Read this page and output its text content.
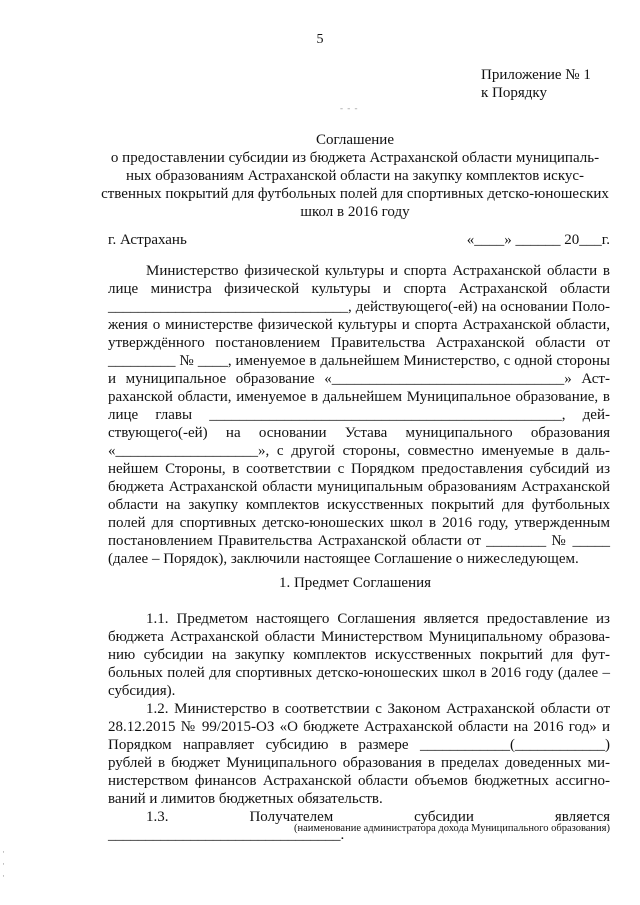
5
Приложение № 1
к Порядку
- - -
Соглашение
о предоставлении субсидии из бюджета Астраханской области муниципаль-ных образованиям Астраханской области на закупку комплектов искус-ственных покрытий для футбольных полей для спортивных детско-юношеских школ в 2016 году
г. Астрахань	«____» ______ 20___г.

Министерство физической культуры и спорта Астраханской области в лице министра физической культуры и спорта Астраханской области ________________________________, действующего(-ей) на основании Поло-жения о министерстве физической культуры и спорта Астраханской области, утверждённого постановлением Правительства Астраханской области от _________ № ____, именуемое в дальнейшем Министерство, с одной стороны и муниципальное образование «_______________________________» Аст-раханской области, именуемое в дальнейшем Муниципальное образование, в лице главы _______________________________________________, дей-ствующего(-ей) на основании Устава муниципального образования «___________________», с другой стороны, совместно именуемые в даль-нейшем Стороны, в соответствии с Порядком предоставления субсидий из бюджета Астраханской области муниципальным образованиям Астраханской области на закупку комплектов искусственных покрытий для футбольных полей для спортивных детско-юношеских школ в 2016 году, утвержденным постановлением Правительства Астраханской области от ________ № _____ (далее – Порядок), заключили настоящее Соглашение о нижеследующем.

1. Предмет Соглашения

1.1. Предметом настоящего Соглашения является предоставление из бюджета Астраханской области Министерством Муниципальному образова-нию субсидии на закупку комплектов искусственных покрытий для фут-больных полей для спортивных детско-юношеских школ в 2016 году (далее – субсидия).

1.2. Министерство в соответствии с Законом Астраханской области от 28.12.2015 № 99/2015-ОЗ «О бюджете Астраханской области на 2016 год» и Порядком направляет субсидию в размере ____________(____________) рублей в бюджет Муниципального образования в пределах доведенных ми-нистерством финансов Астраханской области объемов бюджетных ассигно-ваний и лимитов бюджетных обязательств.

1.3. Получателем субсидии является _______________________________.

(наименование администратора дохода Муниципального образования)
·
·
·
